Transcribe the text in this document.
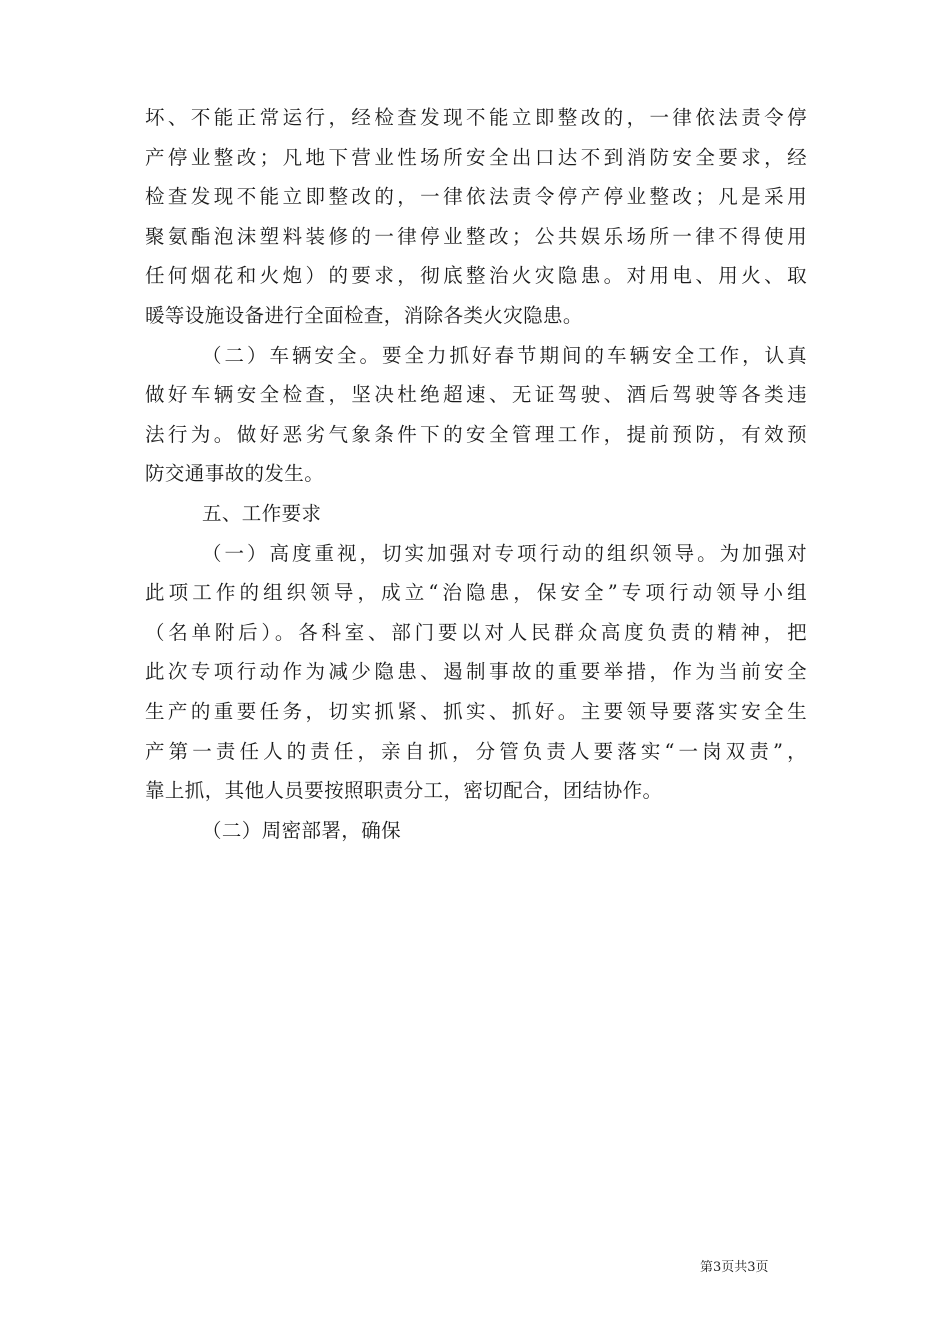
坏、不能正常运行，经检查发现不能立即整改的，一律依法责令停
产停业整改；凡地下营业性场所安全出口达不到消防安全要求，经
检查发现不能立即整改的，一律依法责令停产停业整改；凡是采用
聚氨酯泡沫塑料装修的一律停业整改；公共娱乐场所一律不得使用
任何烟花和火炮）的要求，彻底整治火灾隐患。对用电、用火、取
暖等设施设备进行全面检查，消除各类火灾隐患。
（二）车辆安全。要全力抓好春节期间的车辆安全工作，认真
做好车辆安全检查，坚决杜绝超速、无证驾驶、酒后驾驶等各类违
法行为。做好恶劣气象条件下的安全管理工作，提前预防，有效预
防交通事故的发生。
五、工作要求
（一）高度重视，切实加强对专项行动的组织领导。为加强对
此项工作的组织领导，成立“治隐患，保安全”专项行动领导小组
（名单附后）。各科室、部门要以对人民群众高度负责的精神，把
此次专项行动作为减少隐患、遏制事故的重要举措，作为当前安全
生产的重要任务，切实抓紧、抓实、抓好。主要领导要落实安全生
产第一责任人的责任，亲自抓，分管负责人要落实“一岗双责”，
靠上抓，其他人员要按照职责分工，密切配合，团结协作。
（二）周密部署，确保
第3页共3页
